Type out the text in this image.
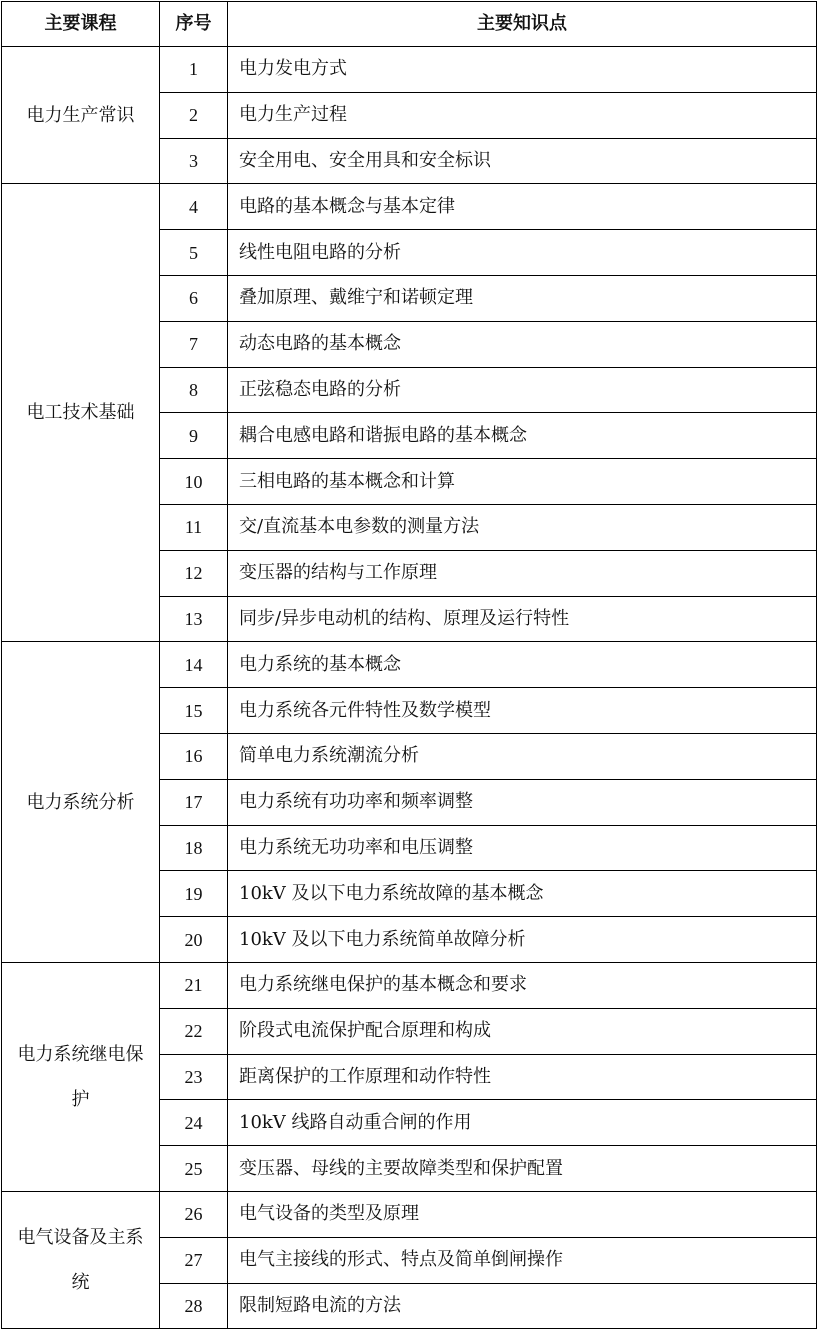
主要课程	序号	主要知识点
电力生产常识	1	电力发电方式
	2	电力生产过程
	3	安全用电、安全用具和安全标识
电工技术基础	4	电路的基本概念与基本定律
	5	线性电阻电路的分析
	6	叠加原理、戴维宁和诺顿定理
	7	动态电路的基本概念
	8	正弦稳态电路的分析
	9	耦合电感电路和谐振电路的基本概念
	10	三相电路的基本概念和计算
	11	交/直流基本电参数的测量方法
	12	变压器的结构与工作原理
	13	同步/异步电动机的结构、原理及运行特性
电力系统分析	14	电力系统的基本概念
	15	电力系统各元件特性及数学模型
	16	简单电力系统潮流分析
	17	电力系统有功功率和频率调整
	18	电力系统无功功率和电压调整
	19	10kV 及以下电力系统故障的基本概念
	20	10kV 及以下电力系统简单故障分析
电力系统继电保护	21	电力系统继电保护的基本概念和要求
	22	阶段式电流保护配合原理和构成
	23	距离保护的工作原理和动作特性
	24	10kV 线路自动重合闸的作用
	25	变压器、母线的主要故障类型和保护配置
电气设备及主系统	26	电气设备的类型及原理
	27	电气主接线的形式、特点及简单倒闸操作
	28	限制短路电流的方法
